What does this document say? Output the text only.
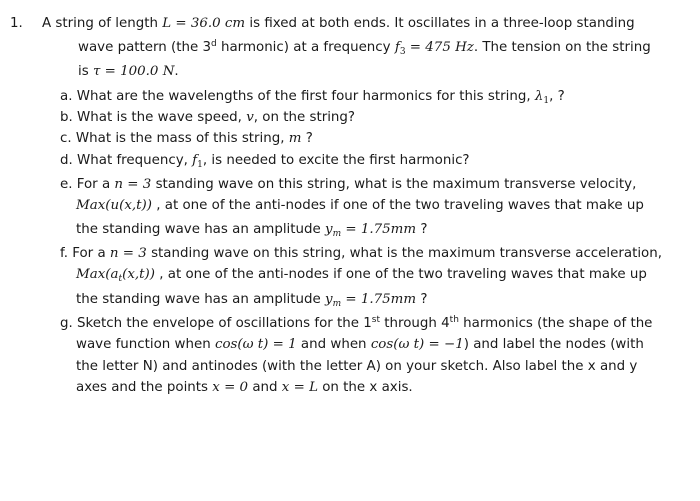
1. A string of length L = 36.0 cm is fixed at both ends. It oscillates in a three-loop standing
wave pattern (the 3$^d$ harmonic) at a frequency $f_3 = 475$ Hz. The tension on the string
is τ = 100.0 N.
a. What are the wavelengths of the first four harmonics for this string, $\lambda_1$, ?
b. What is the wave speed, v, on the string?
c. What is the mass of this string, m ?
d. What frequency, $f_1$, is needed to excite the first harmonic?
e. For a n = 3 standing wave on this string, what is the maximum transverse velocity,
Max(u(x,t)) , at one of the anti-nodes if one of the two traveling waves that make up
the standing wave has an amplitude $y_m = 1.75mm$ ?
f. For a n = 3 standing wave on this string, what is the maximum transverse acceleration,
$Max(a_t(x,t))$ , at one of the anti-nodes if one of the two traveling waves that make up
the standing wave has an amplitude $y_m = 1.75mm$ ?
g. Sketch the envelope of oscillations for the 1st through 4th harmonics (the shape of the
wave function when cos(ω t) = 1 and when cos(ω t) = −1) and label the nodes (with
the letter N) and antinodes (with the letter A) on your sketch. Also label the x and y
axes and the points x = 0 and x = L on the x axis.
